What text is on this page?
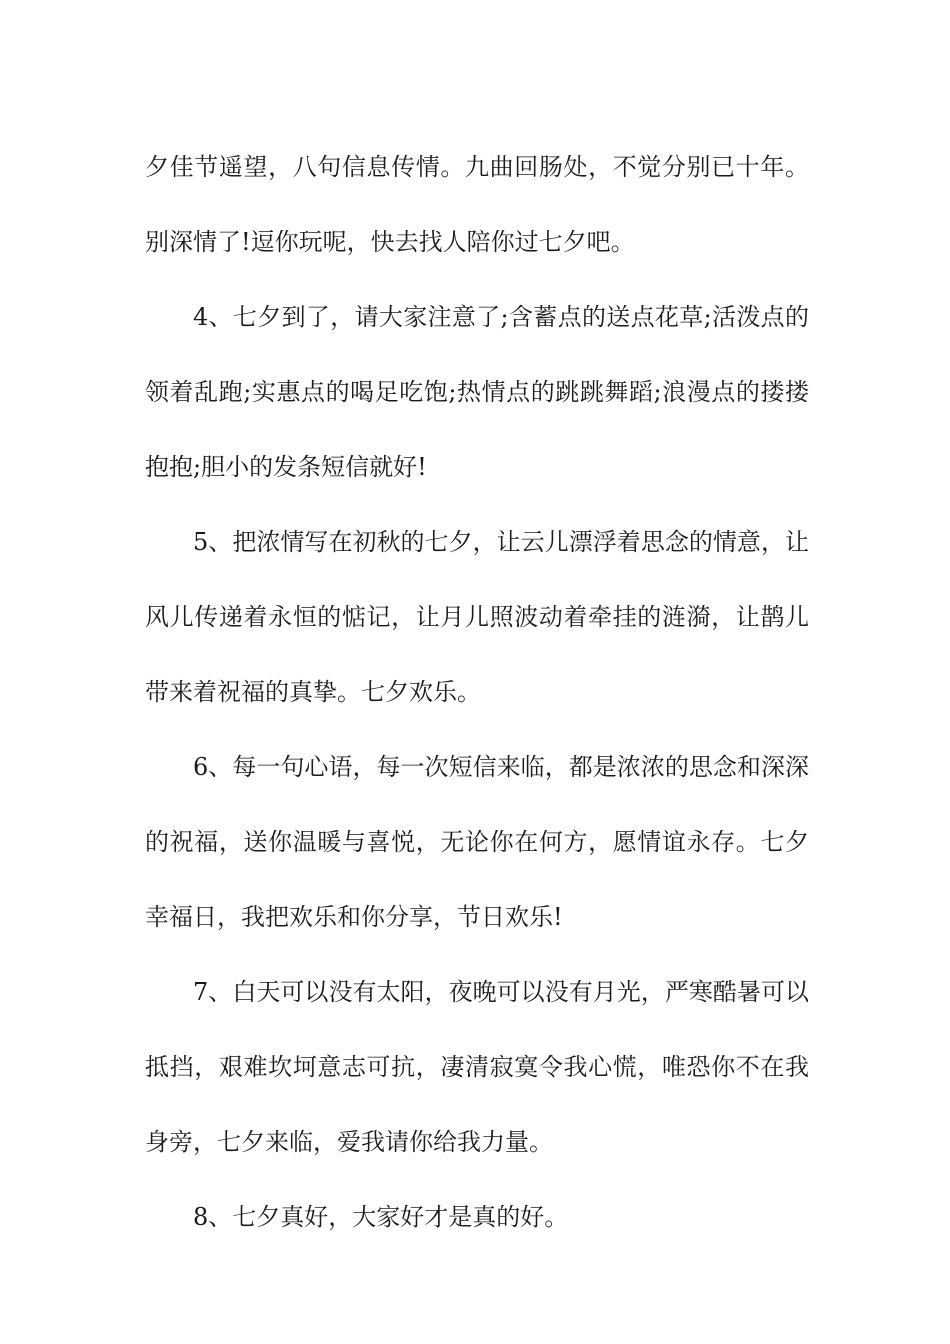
夕佳节遥望，八句信息传情。九曲回肠处，不觉分别已十年。别深情了!逗你玩呢，快去找人陪你过七夕吧。

4、七夕到了，请大家注意了;含蓄点的送点花草;活泼点的领着乱跑;实惠点的喝足吃饱;热情点的跳跳舞蹈;浪漫点的搂搂抱抱;胆小的发条短信就好!

5、把浓情写在初秋的七夕，让云儿漂浮着思念的情意，让风儿传递着永恒的惦记，让月儿照波动着牵挂的涟漪，让鹊儿带来着祝福的真挚。七夕欢乐。

6、每一句心语，每一次短信来临，都是浓浓的思念和深深的祝福，送你温暖与喜悦，无论你在何方，愿情谊永存。七夕幸福日，我把欢乐和你分享，节日欢乐!

7、白天可以没有太阳，夜晚可以没有月光，严寒酷暑可以抵挡，艰难坎坷意志可抗，凄清寂寞令我心慌，唯恐你不在我身旁，七夕来临，爱我请你给我力量。

8、七夕真好，大家好才是真的好。
